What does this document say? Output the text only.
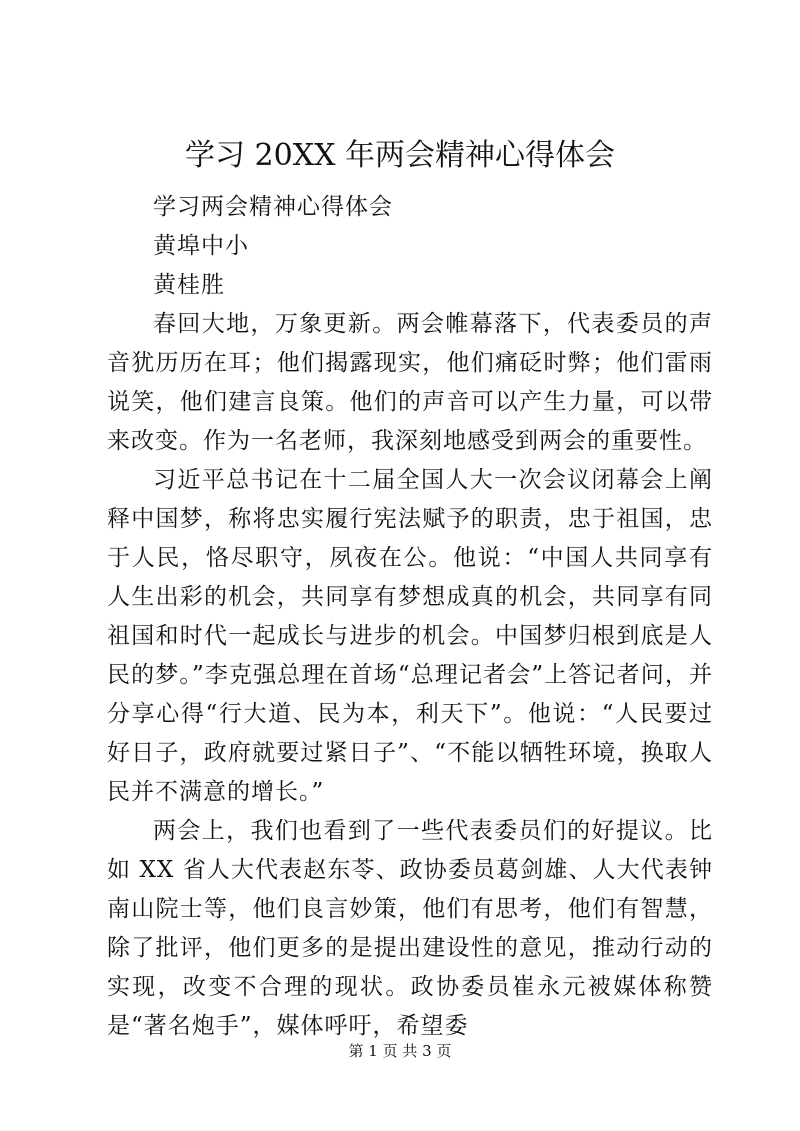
学习 20XX 年两会精神心得体会

学习两会精神心得体会

黄埠中小

黄桂胜

春回大地，万象更新。两会帷幕落下，代表委员的声音犹历历在耳；他们揭露现实，他们痛砭时弊；他们雷雨说笑，他们建言良策。他们的声音可以产生力量，可以带来改变。作为一名老师，我深刻地感受到两会的重要性。

习近平总书记在十二届全国人大一次会议闭幕会上阐释中国梦，称将忠实履行宪法赋予的职责，忠于祖国，忠于人民，恪尽职守，夙夜在公。他说：“中国人共同享有人生出彩的机会，共同享有梦想成真的机会，共同享有同祖国和时代一起成长与进步的机会。中国梦归根到底是人民的梦。”李克强总理在首场“总理记者会”上答记者问，并分享心得“行大道、民为本，利天下”。他说：“人民要过好日子，政府就要过紧日子”、“不能以牺牲环境，换取人民并不满意的增长。”

两会上，我们也看到了一些代表委员们的好提议。比如 XX 省人大代表赵东苓、政协委员葛剑雄、人大代表钟南山院士等，他们良言妙策，他们有思考，他们有智慧，除了批评，他们更多的是提出建设性的意见，推动行动的实现，改变不合理的现状。政协委员崔永元被媒体称赞是“著名炮手”，媒体呼吁，希望委

第 1 页 共 3 页
